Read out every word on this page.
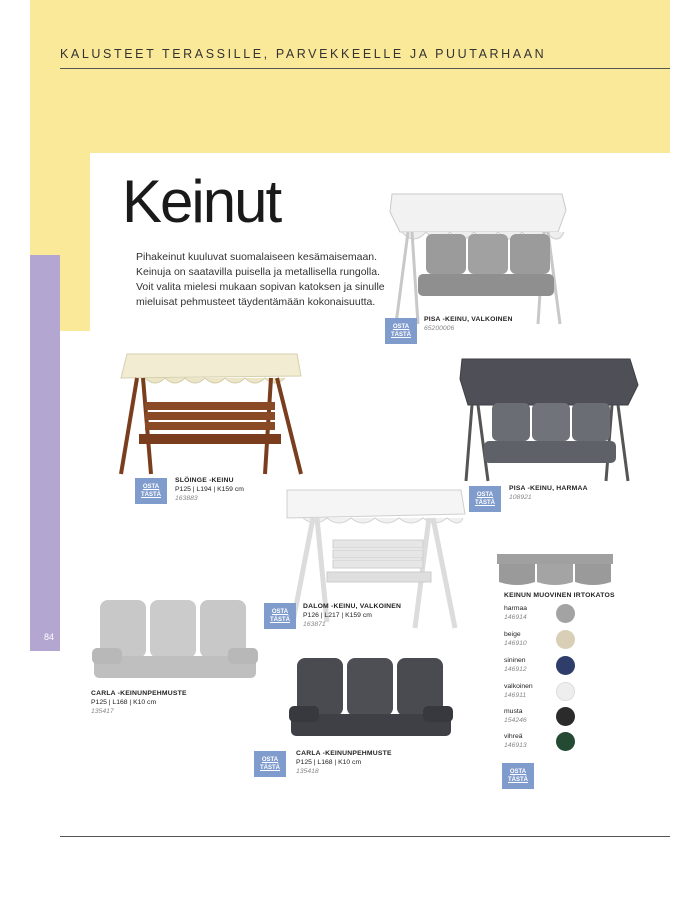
KALUSTEET TERASSILLE, PARVEKKEELLE JA PUUTARHAAN
84
Keinut
Pihakeinut kuuluvat suomalaiseen kesämaisemaan. Keinuja on saatavilla puisella ja metallisella rungolla. Voit valita mielesi mukaan sopivan katoksen ja sinulle mieluisat pehmusteet täydentämään kokonaisuutta.
OSTA
TÄSTÄ
PISA -KEINU, VALKOINEN
65200006
OSTA
TÄSTÄ
SLÖINGE -KEINU
P125 | L194 | K159 cm
163883	OSTA
TÄSTÄ
PISA -KEINU, HARMAA
108921
OSTA
TÄSTÄ
DALOM -KEINU, VALKOINEN
P126 | L217 | K159 cm
163871
CARLA -KEINUNPEHMUSTE
P125 | L168 | K10 cm
135417
OSTA
TÄSTÄ
CARLA -KEINUNPEHMUSTE
P125 | L168 | K10 cm
135418
KEINUN MUOVINEN IRTOKATOS
harmaa
146914
beige
146910
sininen
146912
valkoinen
146911
musta
154246
vihreä
146913
OSTA
TÄSTÄ
